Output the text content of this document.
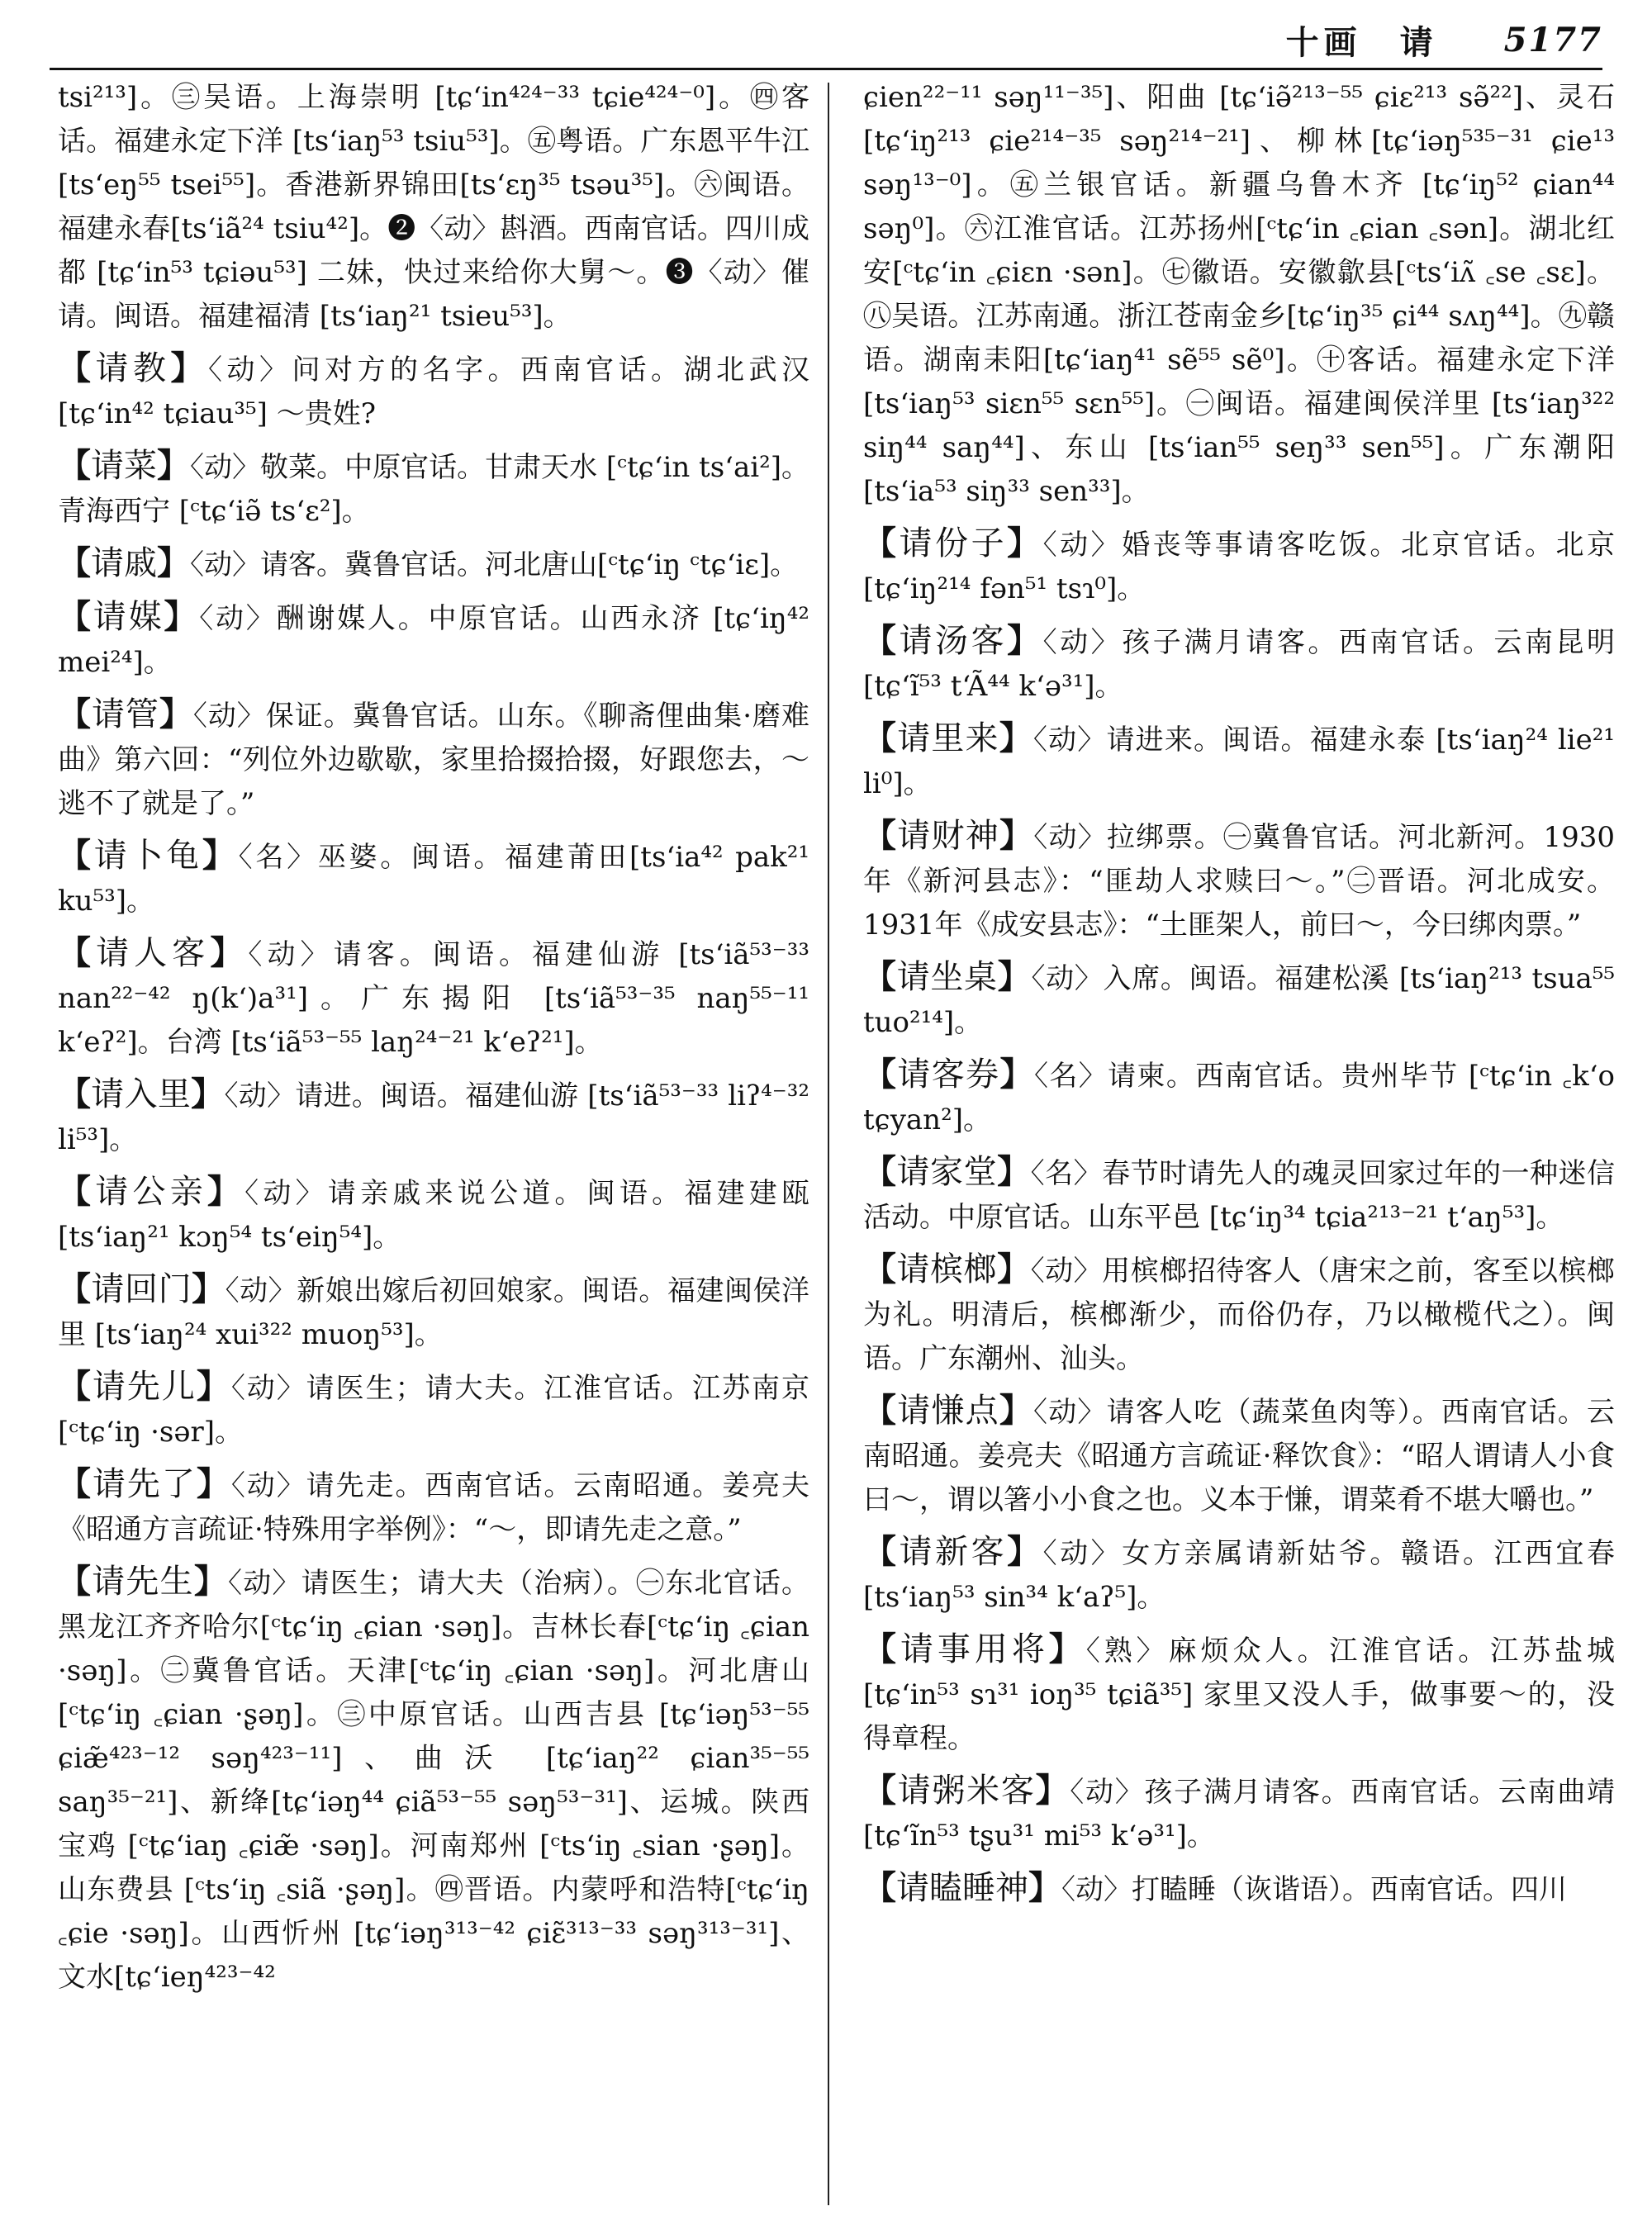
十画　请 5177

tsi²¹³]。㊂吴语。上海崇明 [tɕʻin⁴²⁴⁻³³ tɕie⁴²⁴⁻⁰]。㊃客话。福建永定下洋 [tsʻiaŋ⁵³ tsiu⁵³]。㊄粤语。广东恩平牛江[tsʻeŋ⁵⁵ tsei⁵⁵]。香港新界锦田[tsʻɛŋ³⁵ tsəu³⁵]。㊅闽语。福建永春[tsʻiã²⁴ tsiu⁴²]。❷〈动〉斟酒。西南官话。四川成都 [tɕʻin⁵³ tɕiəu⁵³] 二妹，快过来给你大舅～。❸〈动〉催请。闽语。福建福清 [tsʻiaŋ²¹ tsieu⁵³]。

【请教】〈动〉问对方的名字。西南官话。湖北武汉 [tɕʻin⁴² tɕiau³⁵] ～贵姓?

【请菜】〈动〉敬菜。中原官话。甘肃天水 [ᶜtɕʻin tsʻai²]。青海西宁 [ᶜtɕʻiə̃ tsʻɛ²]。

【请戚】〈动〉请客。冀鲁官话。河北唐山[ᶜtɕʻiŋ ᶜtɕʻiɛ]。

【请媒】〈动〉酬谢媒人。中原官话。山西永济 [tɕʻiŋ⁴² mei²⁴]。

【请管】〈动〉保证。冀鲁官话。山东。《聊斋俚曲集·磨难曲》第六回：“列位外边歇歇，家里拾掇拾掇，好跟您去，～逃不了就是了。”

【请卜龟】〈名〉巫婆。闽语。福建莆田[tsʻia⁴² pak²¹ ku⁵³]。

【请人客】〈动〉请客。闽语。福建仙游 [tsʻiã⁵³⁻³³ nan²²⁻⁴² ŋ(kʻ)a³¹]。广东揭阳 [tsʻiã⁵³⁻³⁵ naŋ⁵⁵⁻¹¹ kʻeʔ²]。台湾 [tsʻiã⁵³⁻⁵⁵ laŋ²⁴⁻²¹ kʻeʔ²¹]。

【请入里】〈动〉请进。闽语。福建仙游 [tsʻiã⁵³⁻³³ liʔ⁴⁻³² li⁵³]。

【请公亲】〈动〉请亲戚来说公道。闽语。福建建瓯 [tsʻiaŋ²¹ kɔŋ⁵⁴ tsʻeiŋ⁵⁴]。

【请回门】〈动〉新娘出嫁后初回娘家。闽语。福建闽侯洋里 [tsʻiaŋ²⁴ xui³²² muoŋ⁵³]。

【请先儿】〈动〉请医生；请大夫。江淮官话。江苏南京[ᶜtɕʻiŋ ·sər]。

【请先了】〈动〉请先走。西南官话。云南昭通。姜亮夫《昭通方言疏证·特殊用字举例》：“～，即请先走之意。”

【请先生】〈动〉请医生；请大夫（治病）。㊀东北官话。黑龙江齐齐哈尔[ᶜtɕʻiŋ ꜀ɕian ·səŋ]。吉林长春[ᶜtɕʻiŋ ꜀ɕian ·səŋ]。㊁冀鲁官话。天津[ᶜtɕʻiŋ ꜀ɕian ·səŋ]。河北唐山 [ᶜtɕʻiŋ ꜀ɕian ·ʂəŋ]。㊂中原官话。山西吉县 [tɕʻiəŋ⁵³⁻⁵⁵ ɕiæ̃⁴²³⁻¹² səŋ⁴²³⁻¹¹]、曲沃 [tɕʻiaŋ²² ɕian³⁵⁻⁵⁵ saŋ³⁵⁻²¹]、新绛[tɕʻiəŋ⁴⁴ ɕiã⁵³⁻⁵⁵ səŋ⁵³⁻³¹]、运城。陕西宝鸡 [ᶜtɕʻiaŋ ꜀ɕiæ̃ ·səŋ]。河南郑州 [ᶜtsʻiŋ ꜀sian ·ʂəŋ]。山东费县 [ᶜtsʻiŋ ꜀siã ·ʂəŋ]。㊃晋语。内蒙呼和浩特[ᶜtɕʻiŋ ꜀ɕie ·səŋ]。山西忻州 [tɕʻiəŋ³¹³⁻⁴² ɕiɛ̃³¹³⁻³³ səŋ³¹³⁻³¹]、文水[tɕʻieŋ⁴²³⁻⁴²

ɕien²²⁻¹¹ səŋ¹¹⁻³⁵]、阳曲 [tɕʻiə̃²¹³⁻⁵⁵ ɕiɛ²¹³ sə̃²²]、灵石[tɕʻiŋ²¹³ ɕie²¹⁴⁻³⁵ səŋ²¹⁴⁻²¹]、柳林[tɕʻiəŋ⁵³⁵⁻³¹ ɕie¹³ səŋ¹³⁻⁰]。㊄兰银官话。新疆乌鲁木齐 [tɕʻiŋ⁵² ɕian⁴⁴ səŋ⁰]。㊅江淮官话。江苏扬州[ᶜtɕʻin ꜀ɕian ꜀sən]。湖北红安[ᶜtɕʻin ꜀ɕiɛn ·sən]。㊆徽语。安徽歙县[ᶜtsʻiʌ̃ ꜀se ꜀sɛ]。㊇吴语。江苏南通。浙江苍南金乡[tɕʻiŋ³⁵ ɕi⁴⁴ sʌŋ⁴⁴]。㊈赣语。湖南耒阳[tɕʻiaŋ⁴¹ sẽ⁵⁵ sẽ⁰]。㊉客话。福建永定下洋 [tsʻiaŋ⁵³ siɛn⁵⁵ sɛn⁵⁵]。㊀闽语。福建闽侯洋里 [tsʻiaŋ³²² siŋ⁴⁴ saŋ⁴⁴]、东山 [tsʻian⁵⁵ seŋ³³ sen⁵⁵]。广东潮阳 [tsʻia⁵³ siŋ³³ sen³³]。

【请份子】〈动〉婚丧等事请客吃饭。北京官话。北京 [tɕʻiŋ²¹⁴ fən⁵¹ tsɿ⁰]。

【请汤客】〈动〉孩子满月请客。西南官话。云南昆明 [tɕʻĩ⁵³ tʻÃ⁴⁴ kʻə³¹]。

【请里来】〈动〉请进来。闽语。福建永泰 [tsʻiaŋ²⁴ lie²¹ li⁰]。

【请财神】〈动〉拉绑票。㊀冀鲁官话。河北新河。1930年《新河县志》：“匪劫人求赎曰～。”㊁晋语。河北成安。1931年《成安县志》：“土匪架人，前曰～，今曰绑肉票。”

【请坐桌】〈动〉入席。闽语。福建松溪 [tsʻiaŋ²¹³ tsua⁵⁵ tuo²¹⁴]。

【请客券】〈名〉请柬。西南官话。贵州毕节 [ᶜtɕʻin ꜀kʻo tɕyan²]。

【请家堂】〈名〉春节时请先人的魂灵回家过年的一种迷信活动。中原官话。山东平邑 [tɕʻiŋ³⁴ tɕia²¹³⁻²¹ tʻaŋ⁵³]。

【请槟榔】〈动〉用槟榔招待客人（唐宋之前，客至以槟榔为礼。明清后，槟榔渐少，而俗仍存，乃以橄榄代之）。闽语。广东潮州、汕头。

【请慊点】〈动〉请客人吃（蔬菜鱼肉等）。西南官话。云南昭通。姜亮夫《昭通方言疏证·释饮食》：“昭人谓请人小食曰～，谓以箸小小食之也。义本于慊，谓菜肴不堪大嚼也。”

【请新客】〈动〉女方亲属请新姑爷。赣语。江西宜春 [tsʻiaŋ⁵³ sin³⁴ kʻaʔ⁵]。

【请事用将】〈熟〉麻烦众人。江淮官话。江苏盐城 [tɕʻin⁵³ sɿ³¹ ioŋ³⁵ tɕiã³⁵] 家里又没人手，做事要～的，没得章程。

【请粥米客】〈动〉孩子满月请客。西南官话。云南曲靖 [tɕʻĩn⁵³ tʂu³¹ mi⁵³ kʻə³¹]。

【请瞌睡神】〈动〉打瞌睡（诙谐语）。西南官话。四川
